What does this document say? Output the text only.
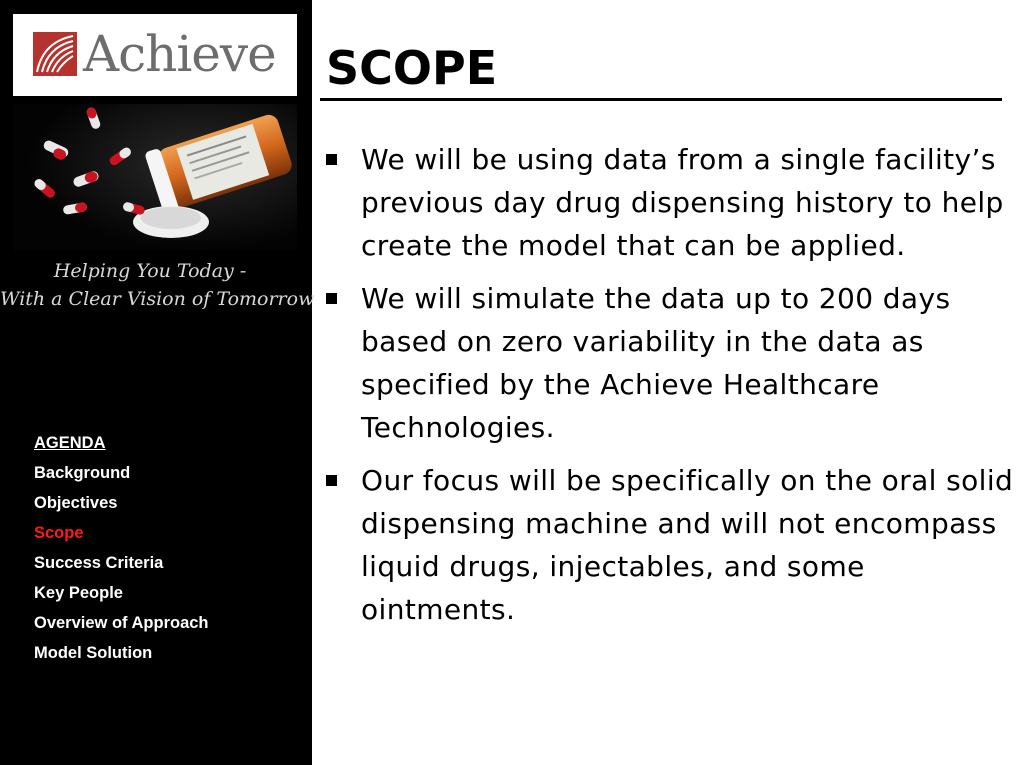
Achieve
Helping You Today -
With a Clear Vision of Tomorrow
AGENDA
Background
Objectives
Scope
Success Criteria
Key People
Overview of Approach
Model Solution
SCOPE
We will be using data from a single facility’s previous day drug dispensing history to help create the model that can be applied.
We will simulate the data up to 200 days based on zero variability in the data as specified by the Achieve Healthcare Technologies.
Our focus will be specifically on the oral solid dispensing machine and will not encompass liquid drugs, injectables, and some ointments.
